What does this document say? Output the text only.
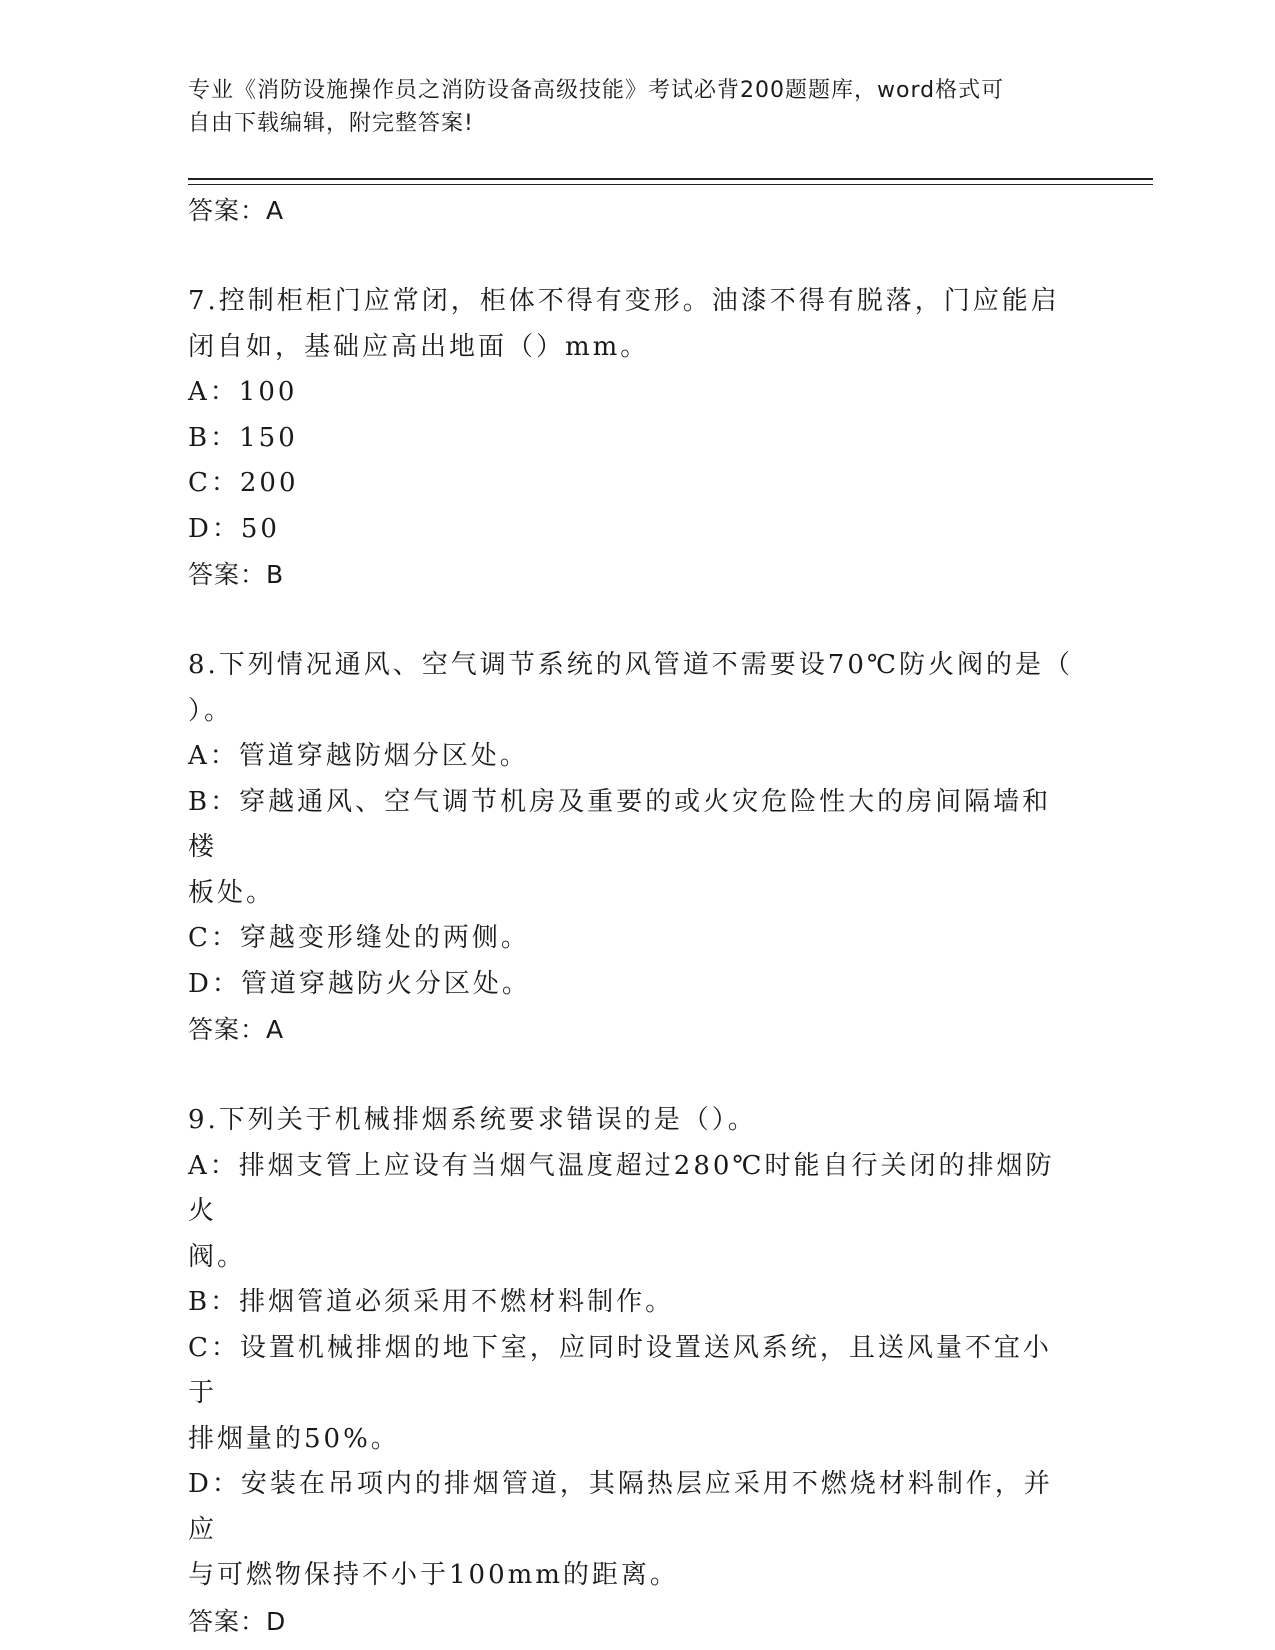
专业《消防设施操作员之消防设备高级技能》考试必背200题题库，word格式可
自由下载编辑，附完整答案!
答案：A
7.控制柜柜门应常闭，柜体不得有变形。油漆不得有脱落，门应能启
闭自如，基础应高出地面（）mm。
A：100
B：150
C：200
D：50
答案：B
8.下列情况通风、空气调节系统的风管道不需要设70℃防火阀的是（
）。
A：管道穿越防烟分区处。
B：穿越通风、空气调节机房及重要的或火灾危险性大的房间隔墙和楼
板处。
C：穿越变形缝处的两侧。
D：管道穿越防火分区处。
答案：A
9.下列关于机械排烟系统要求错误的是（）。
A：排烟支管上应设有当烟气温度超过280℃时能自行关闭的排烟防火
阀。
B：排烟管道必须采用不燃材料制作。
C：设置机械排烟的地下室，应同时设置送风系统，且送风量不宜小于
排烟量的50%。
D：安装在吊项内的排烟管道，其隔热层应采用不燃烧材料制作，并应
与可燃物保持不小于100mm的距离。
答案：D
